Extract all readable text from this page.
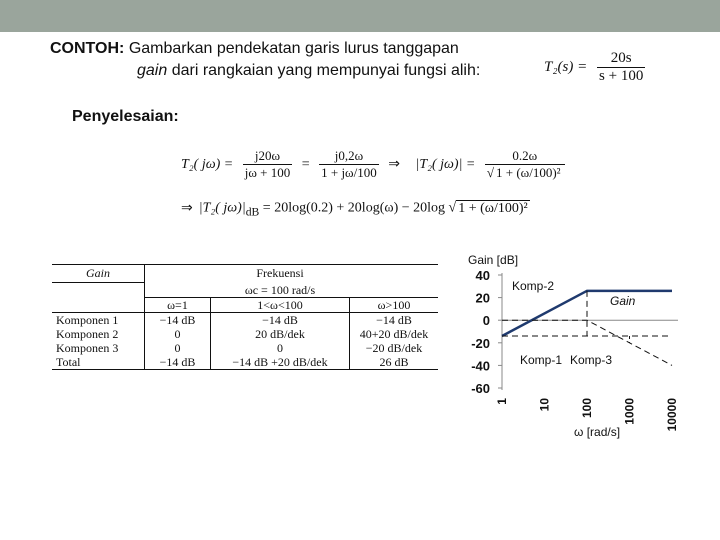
CONTOH: Gambarkan pendekatan garis lurus tanggapan
gain dari rangkaian yang mempunyai fungsi alih:	$T_2(s) = \frac{20s}{s + 100}$
Penyelesaian:
T₂( $j\omega) = \frac{j20\omega}{j\omega + 100} = \frac{j0,2\omega}{1 + j\omega/100}$ ⇒ |T₂( $j\omega)| = \frac{0.2\omega}{\text{√ 1 + (ω/100)²}}$
⇒ |T₂( $j\omega)|_{dB} = 20\log(0.2) + 20\log(\omega) - 20\log$ √ 1 + (ω/100)²
Gain		Frekuensi	
		ωc = 100 rad/s	
	ω=1	1<ω<100	ω>100
Komponen 1	−14 dB	−14 dB	−14 dB
Komponen 2	0	20 dB/dek	40+20 dB/dek
Komponen 3	0	0	−20 dB/dek
Total	−14 dB	−14 dB +20 dB/dek	26 dB
Gain [dB]
ω [rad/s]
40
20
0
-20
-40
-60
1 10 100 1000 10000
Komp-2
Gain
Komp-1 Komp-3
